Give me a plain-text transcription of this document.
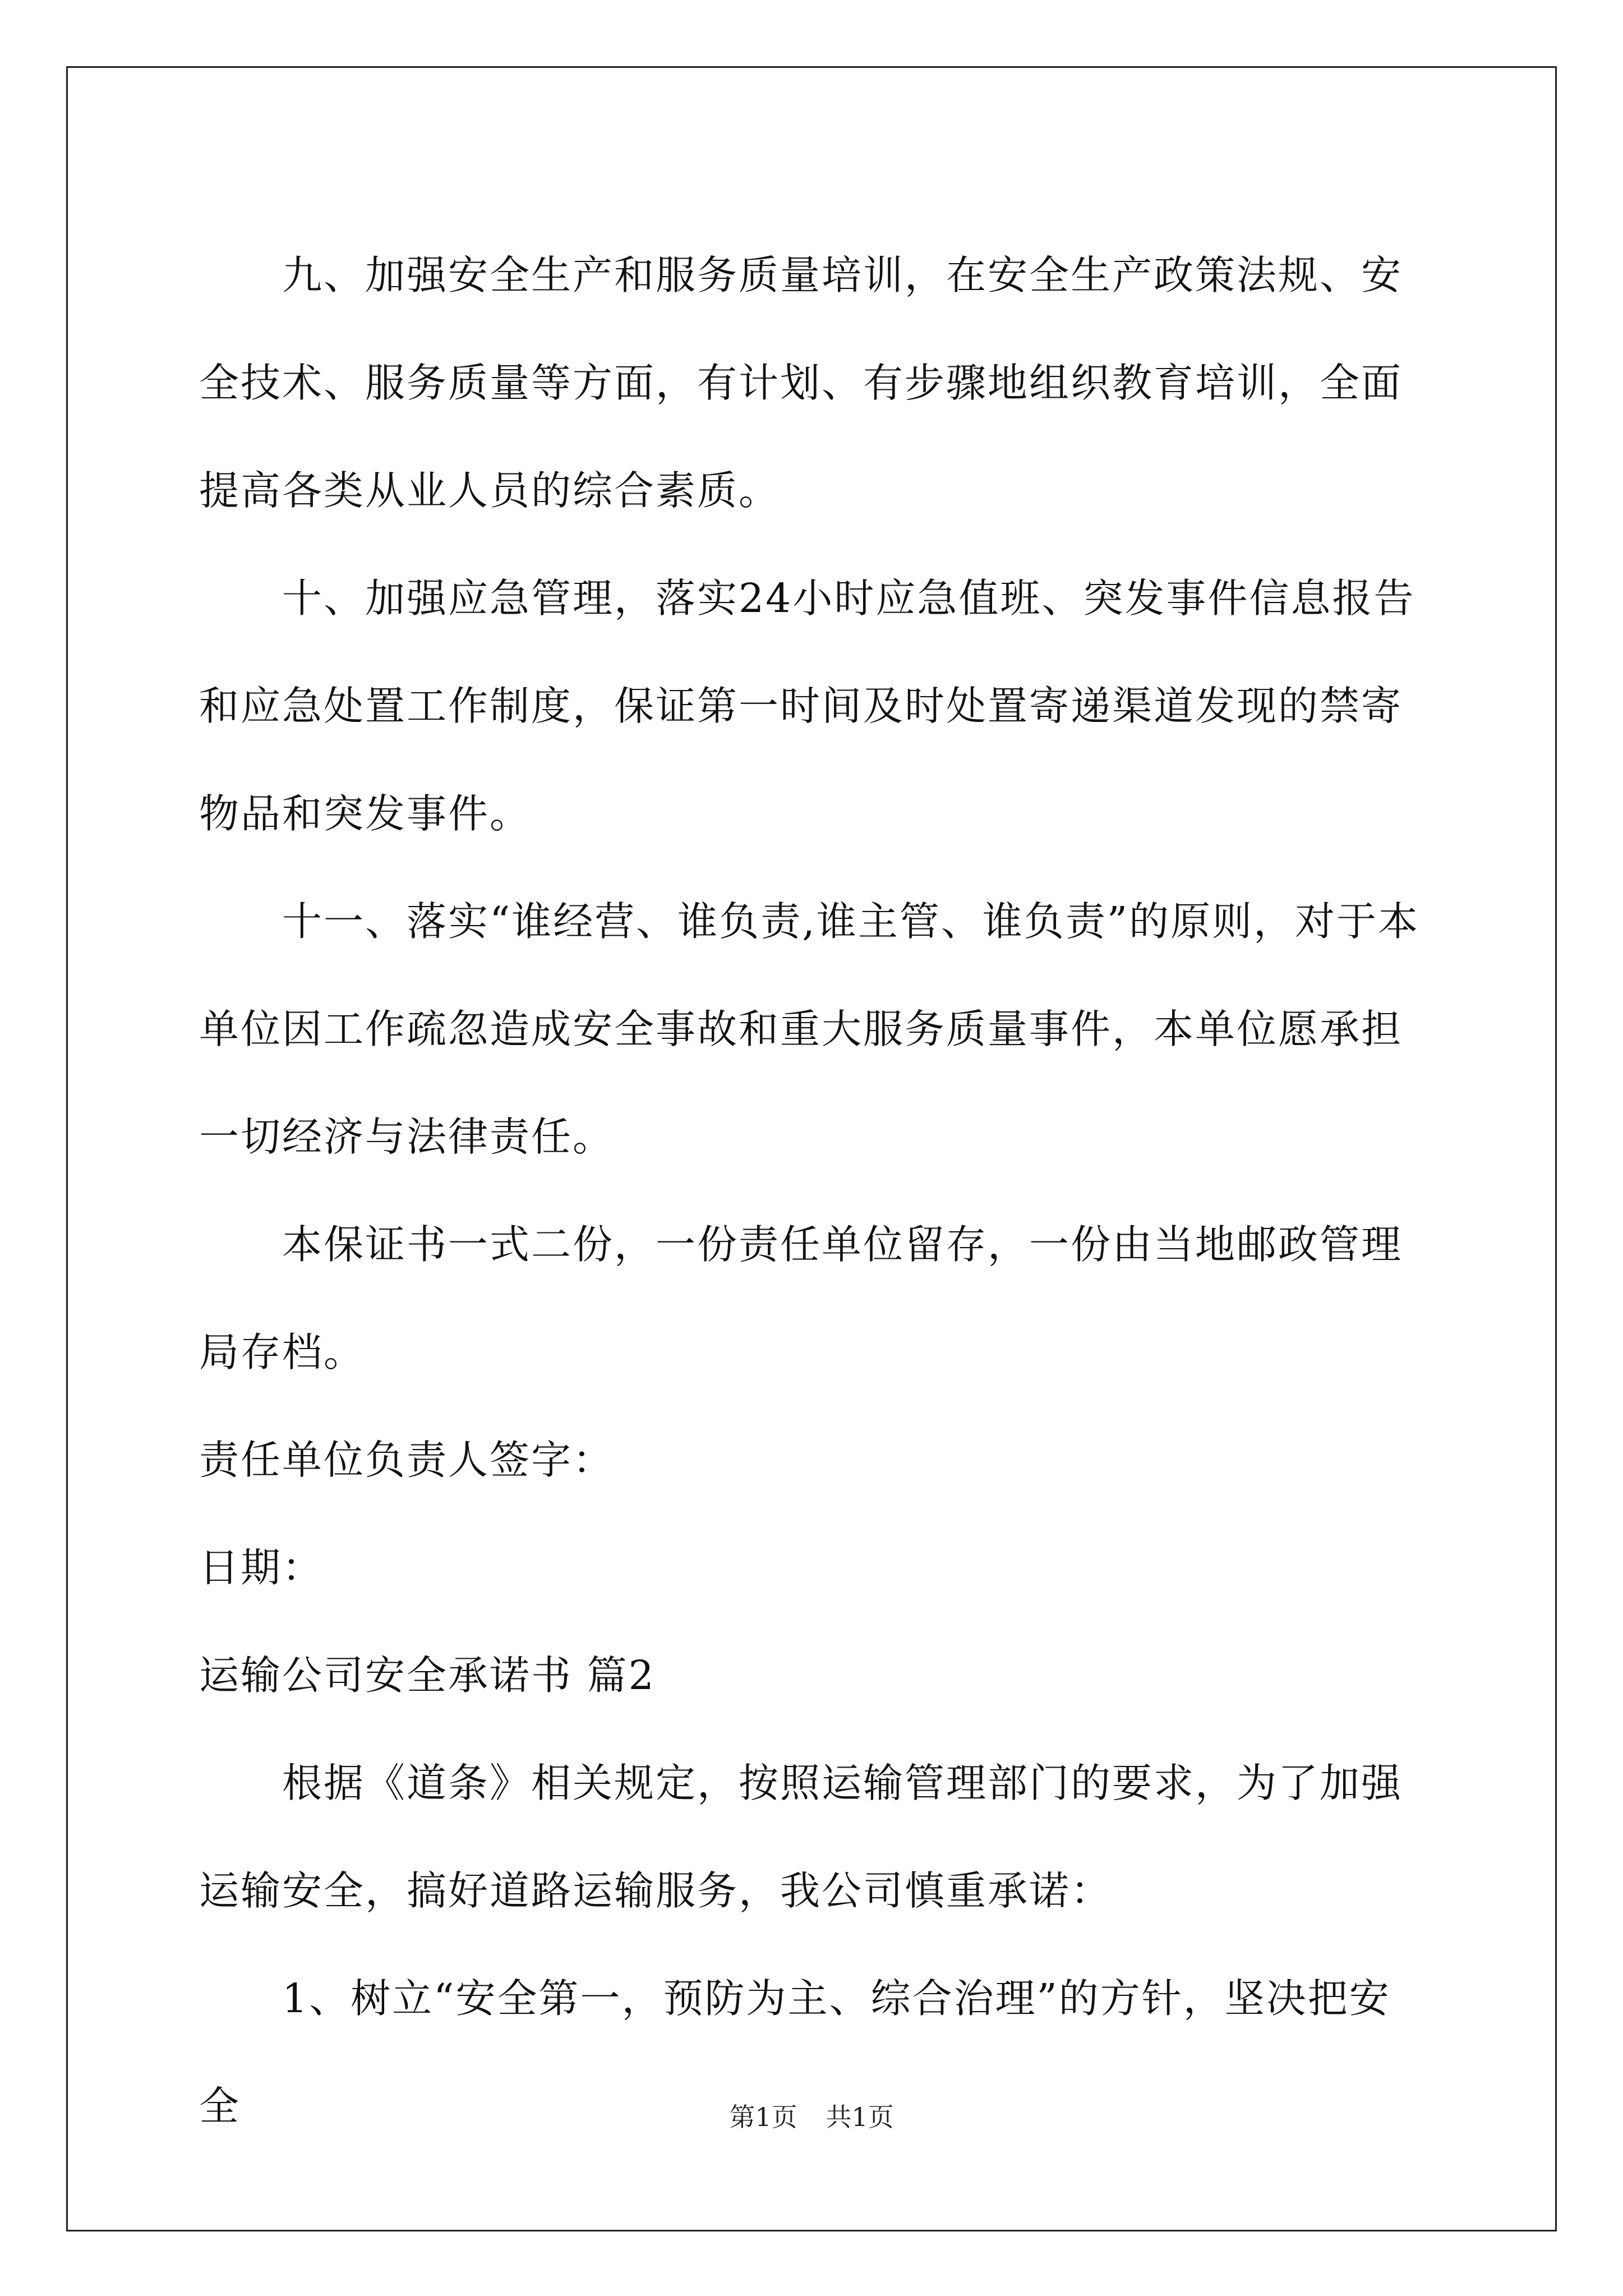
九、加强安全生产和服务质量培训，在安全生产政策法规、安全技术、服务质量等方面，有计划、有步骤地组织教育培训，全面提高各类从业人员的综合素质。

十、加强应急管理，落实24小时应急值班、突发事件信息报告和应急处置工作制度，保证第一时间及时处置寄递渠道发现的禁寄物品和突发事件。

十一、落实“谁经营、谁负责,谁主管、谁负责”的原则，对于本单位因工作疏忽造成安全事故和重大服务质量事件，本单位愿承担一切经济与法律责任。

本保证书一式二份，一份责任单位留存，一份由当地邮政管理局存档。

责任单位负责人签字：

日期：

运输公司安全承诺书 篇2

根据《道条》相关规定，按照运输管理部门的要求，为了加强运输安全，搞好道路运输服务，我公司慎重承诺：

1、树立“安全第一，预防为主、综合治理”的方针，坚决把安全	第1页 共1页
